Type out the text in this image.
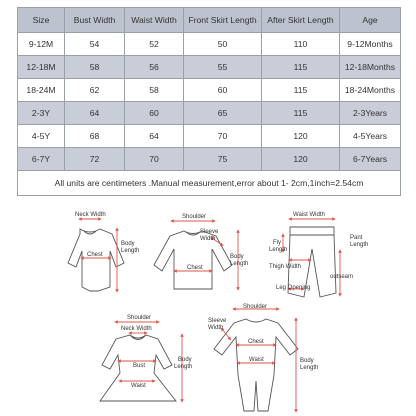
Size	Bust Width	Waist Width	Front Skirt Length	After Skirt Length	Age
9-12M	54	52	50	110	9-12Months
12-18M	58	56	55	115	12-18Months
18-24M	62	58	60	115	18-24Months
2-3Y	64	60	65	115	2-3Years
4-5Y	68	64	70	120	4-5Years
6-7Y	72	70	75	120	6-7Years
All units are centimeters .Manual measurement,error about 1- 2cm,1inch=2.54cm					
Neck Width
Chest
Body
Length
Shoulder
Sleeve
Width
Chest
Body
Length
Waist Width
Fly
Length
Thigh Width
Leg Opening
Pant
Length
outseam
Shoulder
Neck Width
Bust
Waist
Body
Length
Shoulder
Sleeve
Width
Chest
Waist	Body
Length
